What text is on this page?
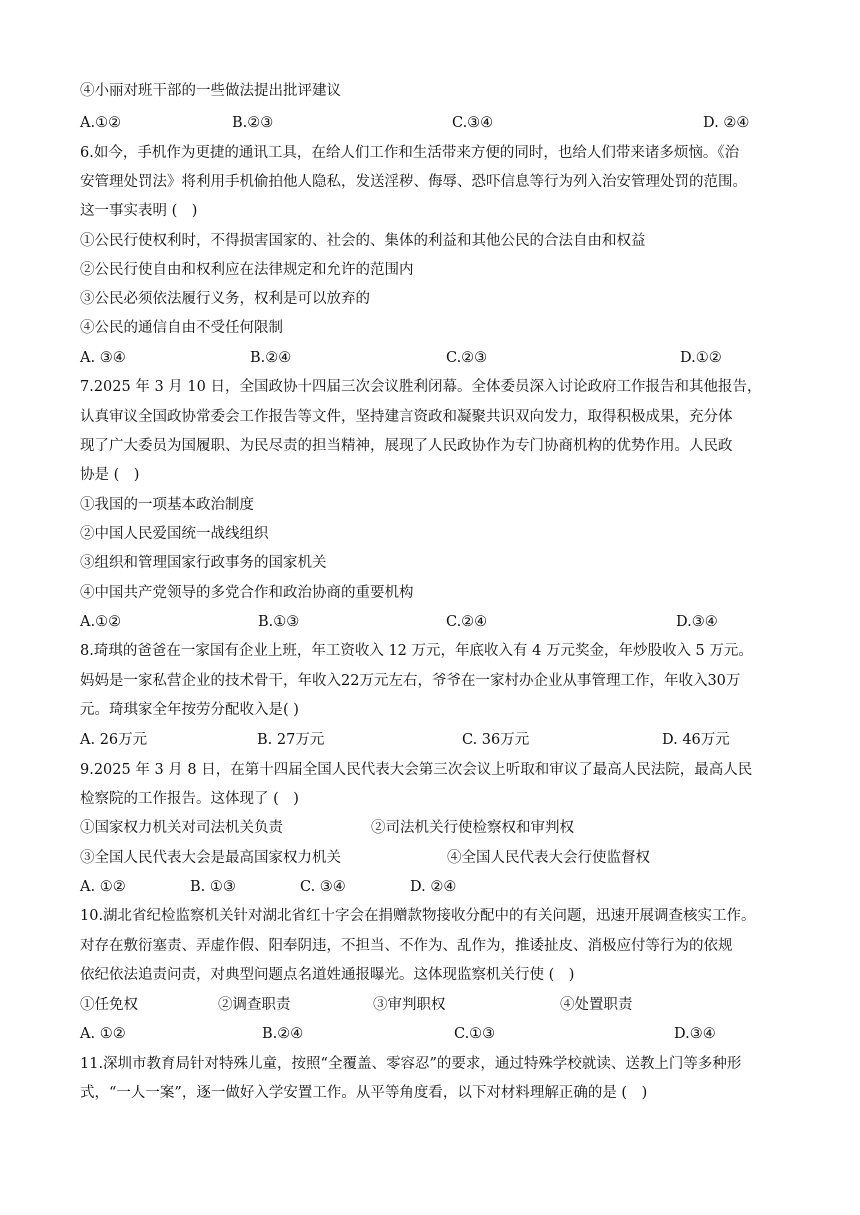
④小丽对班干部的一些做法提出批评建议
A.①②	B.②③	C.③④	D. ②④
6.如今，手机作为更捷的通讯工具，在给人们工作和生活带来方便的同时，也给人们带来诸多烦恼。《治
安管理处罚法》将利用手机偷拍他人隐私，发送淫秽、侮辱、恐吓信息等行为列入治安管理处罚的范围。
这一事实表明 (　)
①公民行使权利时，不得损害国家的、社会的、集体的利益和其他公民的合法自由和权益
②公民行使自由和权利应在法律规定和允许的范围内
③公民必须依法履行义务，权利是可以放弃的
④公民的通信自由不受任何限制
A. ③④	B.②④	C.②③	D.①②
7.2025 年 3 月 10 日，全国政协十四届三次会议胜利闭幕。全体委员深入讨论政府工作报告和其他报告，
认真审议全国政协常委会工作报告等文件，坚持建言资政和凝聚共识双向发力，取得积极成果，充分体
现了广大委员为国履职、为民尽责的担当精神，展现了人民政协作为专门协商机构的优势作用。人民政
协是 (　)
①我国的一项基本政治制度
②中国人民爱国统一战线组织
③组织和管理国家行政事务的国家机关
④中国共产党领导的多党合作和政治协商的重要机构
A.①②	B.①③	C.②④	D.③④
8.琦琪的爸爸在一家国有企业上班，年工资收入 12 万元，年底收入有 4 万元奖金，年炒股收入 5 万元。
妈妈是一家私营企业的技术骨干，年收入22万元左右，爷爷在一家村办企业从事管理工作，年收入30万
元。琦琪家全年按劳分配收入是( )
A. 26万元	B. 27万元	C. 36万元	D. 46万元
9.2025 年 3 月 8 日，在第十四届全国人民代表大会第三次会议上听取和审议了最高人民法院，最高人民
检察院的工作报告。这体现了 (　)
①国家权力机关对司法机关负责	②司法机关行使检察权和审判权
③全国人民代表大会是最高国家权力机关	④全国人民代表大会行使监督权
A. ①②	B. ①③	C. ③④	D. ②④
10.湖北省纪检监察机关针对湖北省红十字会在捐赠款物接收分配中的有关问题，迅速开展调查核实工作。
对存在敷衍塞责、弄虚作假、阳奉阴违，不担当、不作为、乱作为，推诿扯皮、消极应付等行为的依规
依纪依法追责问责，对典型问题点名道姓通报曝光。这体现监察机关行使 (　)
①任免权	②调查职责	③审判职权	④处置职责
A. ①②	B.②④	C.①③	D.③④
11.深圳市教育局针对特殊儿童，按照“全覆盖、零容忍”的要求，通过特殊学校就读、送教上门等多种形
式，“一人一案”，逐一做好入学安置工作。从平等角度看，以下对材料理解正确的是 (　)
